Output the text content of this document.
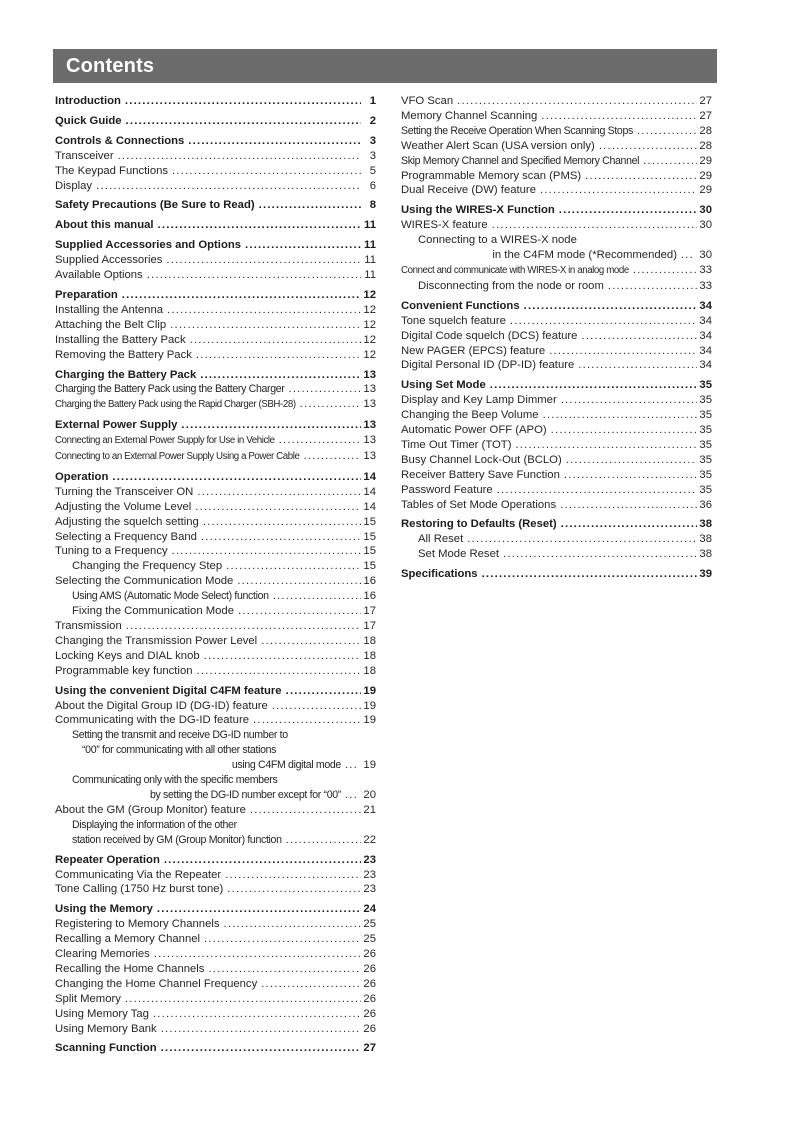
Contents
Introduction .....	1
Quick Guide .....	2
Controls & Connections .....	3
Transceiver .....	3
The Keypad Functions .....	5
Display .....	6
Safety Precautions (Be Sure to Read) .....	8
About this manual .....	11
Supplied Accessories and Options .....	11
Supplied Accessories .....	11
Available Options .....	11
Preparation .....	12
Installing the Antenna .....	12
Attaching the Belt Clip .....	12
Installing the Battery Pack .....	12
Removing the Battery Pack .....	12
Charging the Battery Pack .....	13
Charging the Battery Pack using the Battery Charger .....	13
Charging the Battery Pack using the Rapid Charger (SBH-28) .....	13
External Power Supply .....	13
Connecting an External Power Supply for Use in Vehicle .....	13
Connecting to an External Power Supply Using a Power Cable .....	13
Operation .....	14
Turning the Transceiver ON .....	14
Adjusting the Volume Level .....	14
Adjusting the squelch setting .....	15
Selecting a Frequency Band .....	15
Tuning to a Frequency .....	15
Changing the Frequency Step .....	15
Selecting the Communication Mode .....	16
Using AMS (Automatic Mode Select) function .....	16
Fixing the Communication Mode .....	17
Transmission .....	17
Changing the Transmission Power Level .....	18
Locking Keys and DIAL knob .....	18
Programmable key function .....	18
Using the convenient Digital C4FM feature .....	19
About the Digital Group ID (DG-ID) feature .....	19
Communicating with the DG-ID feature .....	19
Setting the transmit and receive DG-ID number to
“00” for communicating with all other stations
using C4FM digital mode ... 19
Communicating only with the specific members
by setting the DG-ID number except for “00” ... 20
About the GM (Group Monitor) feature .....	21
Displaying the information of the other
station received by GM (Group Monitor) function .....	22
Repeater Operation .....	23
Communicating Via the Repeater .....	23
Tone Calling (1750 Hz burst tone) .....	23
Using the Memory .....	24
Registering to Memory Channels .....	25
Recalling a Memory Channel .....	25
Clearing Memories .....	26
Recalling the Home Channels .....	26
Changing the Home Channel Frequency .....	26
Split Memory .....	26
Using Memory Tag .....	26
Using Memory Bank .....	26
Scanning Function .....	27
VFO Scan .....	27
Memory Channel Scanning .....	27
Setting the Receive Operation When Scanning Stops .....	28
Weather Alert Scan (USA version only) .....	28
Skip Memory Channel and Specified Memory Channel .....	29
Programmable Memory scan (PMS) .....	29
Dual Receive (DW) feature .....	29
Using the WIRES-X Function .....	30
WIRES-X feature .....	30
Connecting to a WIRES-X node
in the C4FM mode (*Recommended) ... 30
Connect and communicate with WIRES-X in analog mode .....	33
Disconnecting from the node or room .....	33
Convenient Functions .....	34
Tone squelch feature .....	34
Digital Code squelch (DCS) feature .....	34
New PAGER (EPCS) feature .....	34
Digital Personal ID (DP-ID) feature .....	34
Using Set Mode .....	35
Display and Key Lamp Dimmer .....	35
Changing the Beep Volume .....	35
Automatic Power OFF (APO) .....	35
Time Out Timer (TOT) .....	35
Busy Channel Lock-Out (BCLO) .....	35
Receiver Battery Save Function .....	35
Password Feature .....	35
Tables of Set Mode Operations .....	36
Restoring to Defaults (Reset) .....	38
All Reset .....	38
Set Mode Reset .....	38
Specifications .....	39
